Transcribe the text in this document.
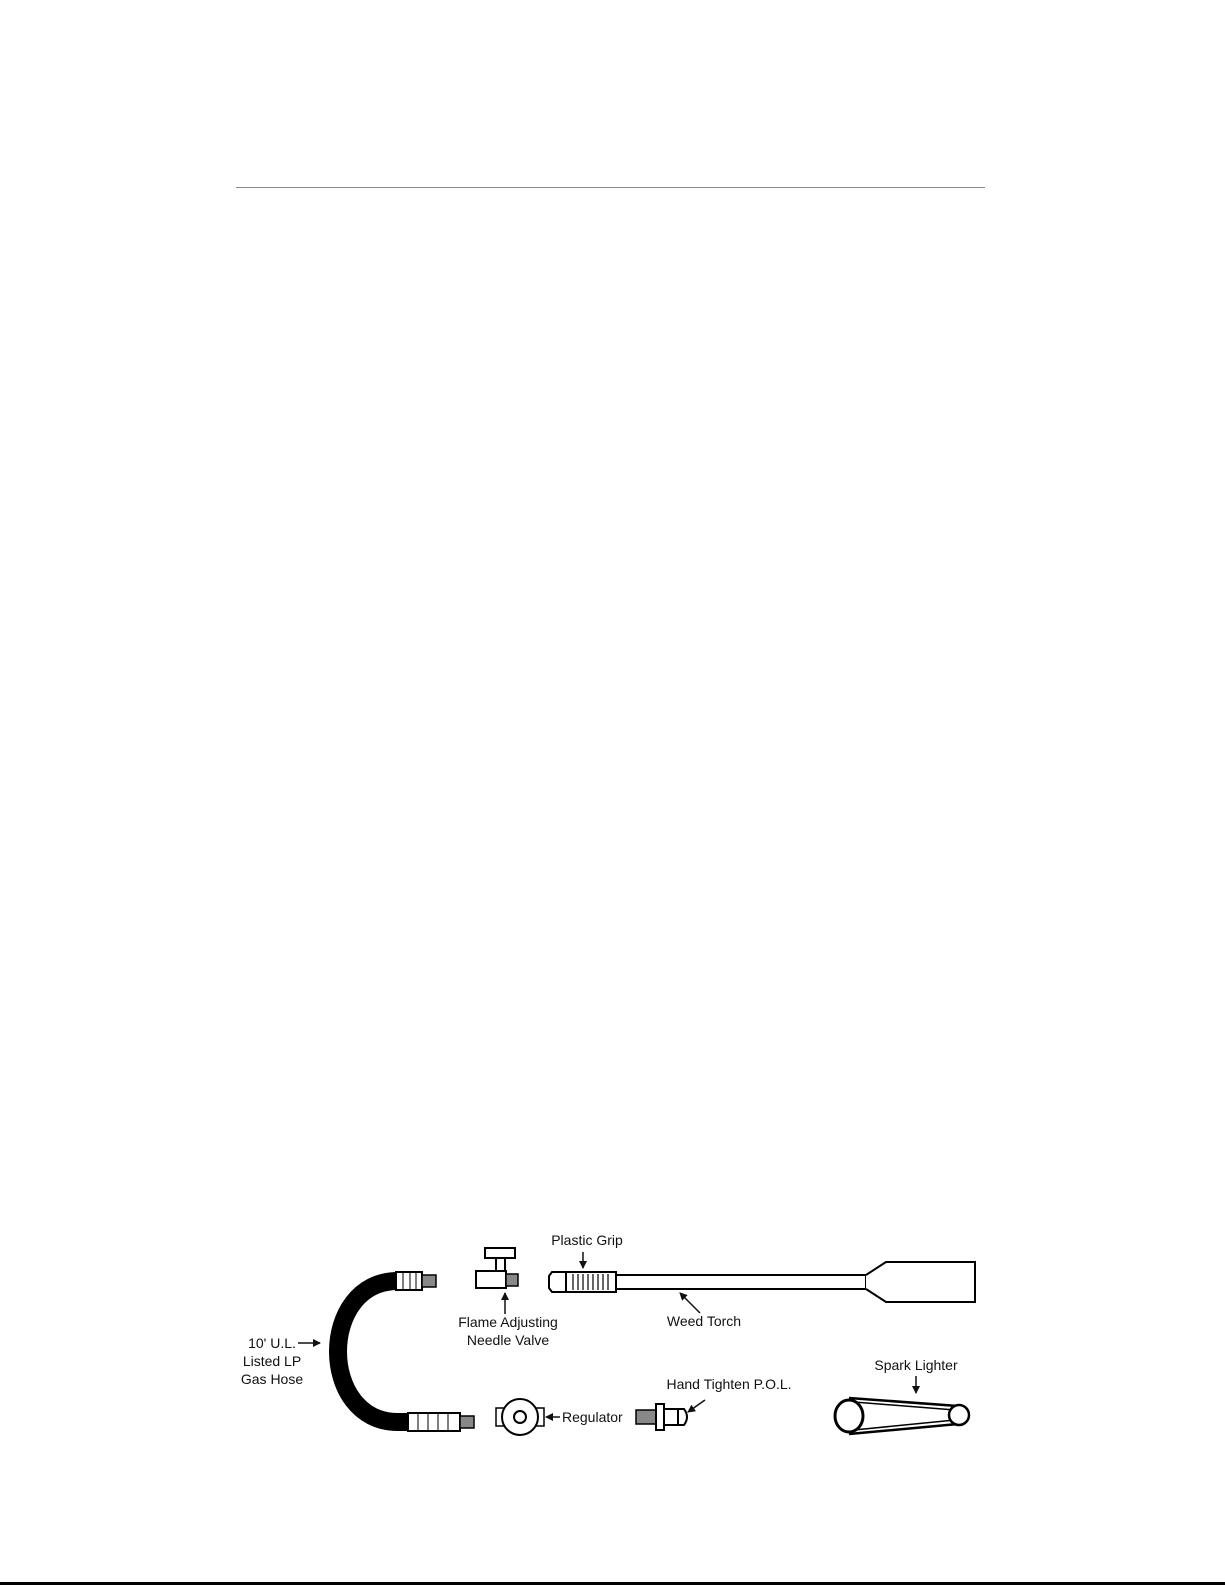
10' U.L.
Listed LP
Gas Hose
Flame Adjusting
Needle Valve
Plastic Grip
Weed Torch
Regulator
Hand Tighten P.O.L.
Spark Lighter
